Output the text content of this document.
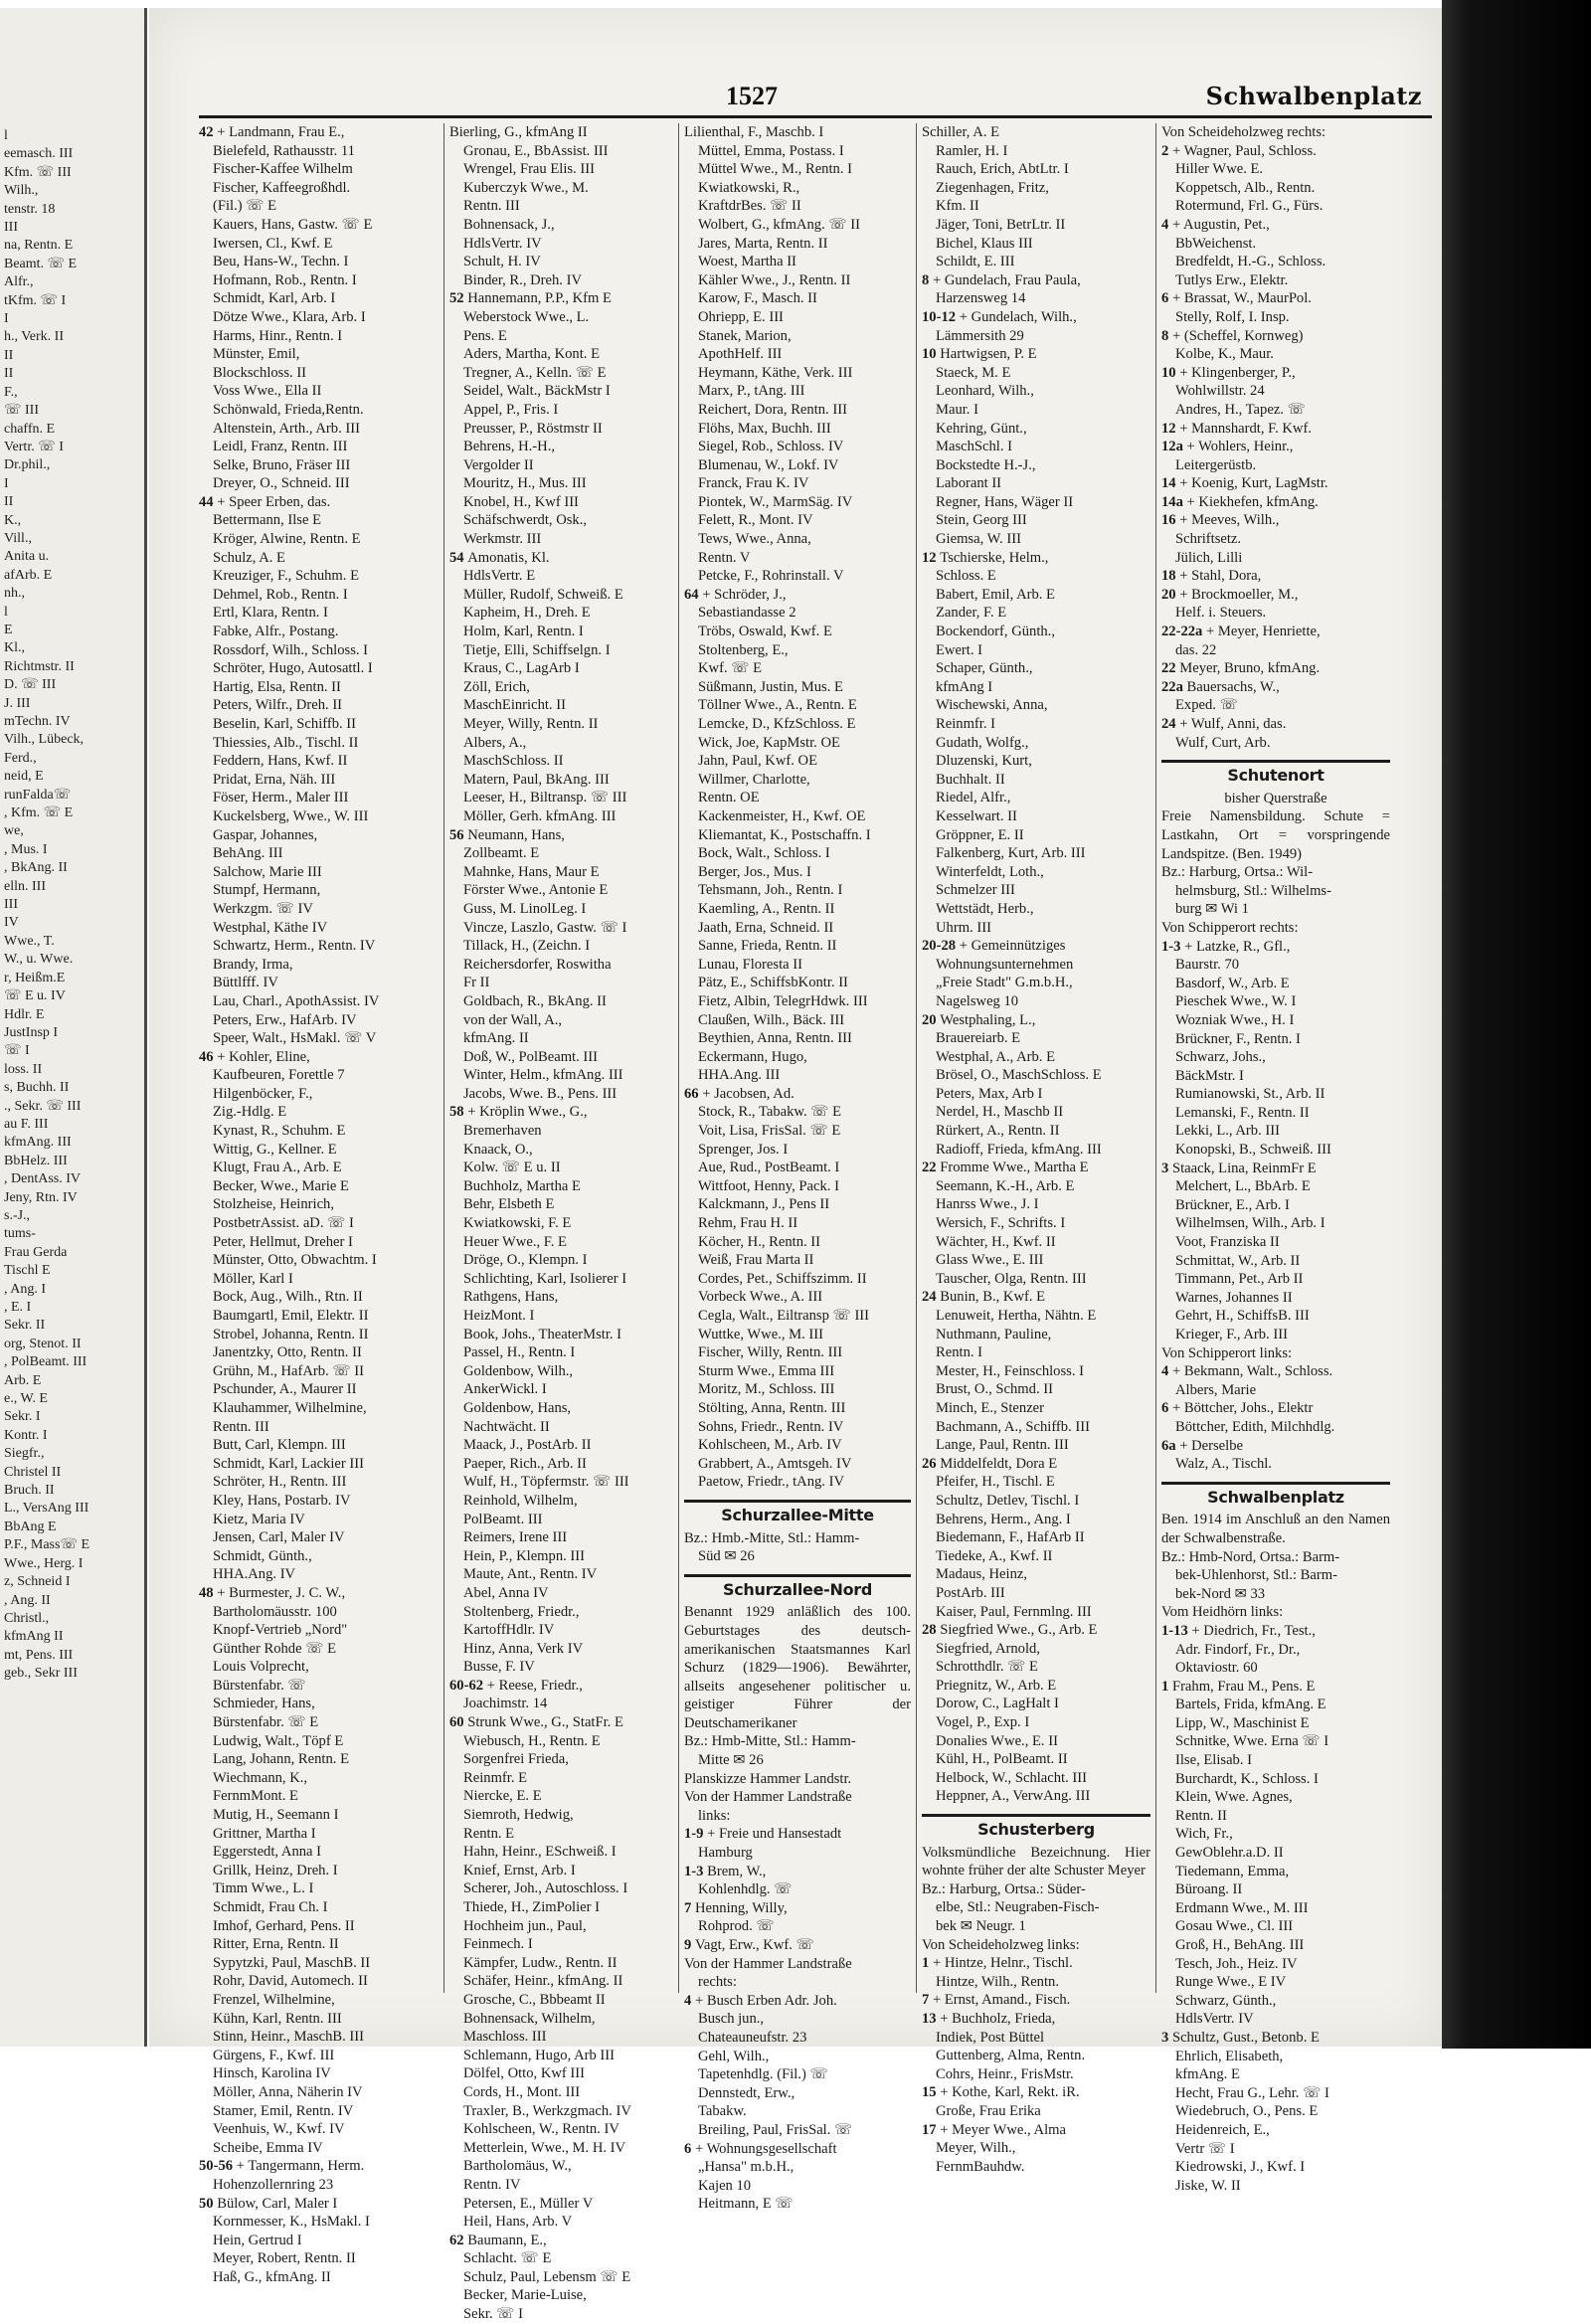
l
eemasch. III
Kfm. ☏ III
Wilh.,
tenstr. 18
III
na, Rentn. E
Beamt. ☏ E
Alfr.,
tKfm. ☏ I
I
h., Verk. II
II
II
F.,
☏ III
chaffn. E
Vertr. ☏ I
Dr.phil.,
I
II
K.,
Vill.,
Anita u.
afArb. E
nh.,
l
E
Kl.,
Richtmstr. II
D. ☏ III
J. III
mTechn. IV
Vilh., Lübeck,
Ferd.,
neid, E
runFalda☏
, Kfm. ☏ E
we,
, Mus. I
, BkAng. II
elln. III
III
IV
Wwe., T.
W., u. Wwe.
r, Heißm.E
☏ E u. IV
Hdlr. E
JustInsp I
☏ I
loss. II
s, Buchh. II
., Sekr. ☏ III
au F. III
kfmAng. III
BbHelz. III
, DentAss. IV
Jeny, Rtn. IV
s.-J.,
tums-
Frau Gerda
Tischl E
, Ang. I
, E. I
Sekr. II
org, Stenot. II
, PolBeamt. III
Arb. E
e., W. E
Sekr. I
Kontr. I
Siegfr.,
Christel II
Bruch. II
L., VersAng III
BbAng E
P.F., Mass☏ E
Wwe., Herg. I
z, Schneid I
, Ang. II
Christl.,
kfmAng II
mt, Pens. III
geb., Sekr III
1527	Schwalbenplatz
42 + Landmann, Frau E.,
Bielefeld, Rathausstr. 11
Fischer-Kaffee Wilhelm
Fischer, Kaffeegroßhdl.
(Fil.) ☏ E
Kauers, Hans, Gastw. ☏ E
Iwersen, Cl., Kwf. E
Beu, Hans-W., Techn. I
Hofmann, Rob., Rentn. I
Schmidt, Karl, Arb. I
Dötze Wwe., Klara, Arb. I
Harms, Hinr., Rentn. I
Münster, Emil,
Blockschloss. II
Voss Wwe., Ella II
Schönwald, Frieda,Rentn.
Altenstein, Arth., Arb. III
Leidl, Franz, Rentn. III
Selke, Bruno, Fräser III
Dreyer, O., Schneid. III
44 + Speer Erben, das.
Bettermann, Ilse E
Kröger, Alwine, Rentn. E
Schulz, A. E
Kreuziger, F., Schuhm. E
Dehmel, Rob., Rentn. I
Ertl, Klara, Rentn. I
Fabke, Alfr., Postang.
Rossdorf, Wilh., Schloss. I
Schröter, Hugo, Autosattl. I
Hartig, Elsa, Rentn. II
Peters, Wilfr., Dreh. II
Beselin, Karl, Schiffb. II
Thiessies, Alb., Tischl. II
Feddern, Hans, Kwf. II
Pridat, Erna, Näh. III
Föser, Herm., Maler III
Kuckelsberg, Wwe., W. III
Gaspar, Johannes,
BehAng. III
Salchow, Marie III
Stumpf, Hermann,
Werkzgm. ☏ IV
Westphal, Käthe IV
Schwartz, Herm., Rentn. IV
Brandy, Irma,
Büttlfff. IV
Lau, Charl., ApothAssist. IV
Peters, Erw., HafArb. IV
Speer, Walt., HsMakl. ☏ V
46 + Kohler, Eline,
Kaufbeuren, Forettle 7
Hilgenböcker, F.,
Zig.-Hdlg. E
Kynast, R., Schuhm. E
Wittig, G., Kellner. E
Klugt, Frau A., Arb. E
Becker, Wwe., Marie E
Stolzheise, Heinrich,
PostbetrAssist. aD. ☏ I
Peter, Hellmut, Dreher I
Münster, Otto, Obwachtm. I
Möller, Karl I
Bock, Aug., Wilh., Rtn. II
Baumgartl, Emil, Elektr. II
Strobel, Johanna, Rentn. II
Janentzky, Otto, Rentn. II
Grühn, M., HafArb. ☏ II
Pschunder, A., Maurer II
Klauhammer, Wilhelmine,
Rentn. III
Butt, Carl, Klempn. III
Schmidt, Karl, Lackier III
Schröter, H., Rentn. III
Kley, Hans, Postarb. IV
Kietz, Maria IV
Jensen, Carl, Maler IV
Schmidt, Günth.,
HHA.Ang. IV
48 + Burmester, J. C. W.,
Bartholomäusstr. 100
Knopf-Vertrieb „Nord"
Günther Rohde ☏ E
Louis Volprecht,
Bürstenfabr. ☏
Schmieder, Hans,
Bürstenfabr. ☏ E
Ludwig, Walt., Töpf E
Lang, Johann, Rentn. E
Wiechmann, K.,
FernmMont. E
Mutig, H., Seemann I
Grittner, Martha I
Eggerstedt, Anna I
Grillk, Heinz, Dreh. I
Timm Wwe., L. I
Schmidt, Frau Ch. I
Imhof, Gerhard, Pens. II
Ritter, Erna, Rentn. II
Sypytzki, Paul, MaschB. II
Rohr, David, Automech. II
Frenzel, Wilhelmine,
Kühn, Karl, Rentn. III
Stinn, Heinr., MaschB. III
Gürgens, F., Kwf. III
Hinsch, Karolina IV
Möller, Anna, Näherin IV
Stamer, Emil, Rentn. IV
Veenhuis, W., Kwf. IV
Scheibe, Emma IV
50-56 + Tangermann, Herm.
Hohenzollernring 23
50 Bülow, Carl, Maler I
Kornmesser, K., HsMakl. I
Hein, Gertrud I
Meyer, Robert, Rentn. II
Haß, G., kfmAng. II
Bierling, G., kfmAng II
Gronau, E., BbAssist. III
Wrengel, Frau Elis. III
Kuberczyk Wwe., M.
Rentn. III
Bohnensack, J.,
HdlsVertr. IV
Schult, H. IV
Binder, R., Dreh. IV
52 Hannemann, P.P., Kfm E
Weberstock Wwe., L.
Pens. E
Aders, Martha, Kont. E
Tregner, A., Kelln. ☏ E
Seidel, Walt., BäckMstr I
Appel, P., Fris. I
Preusser, P., Röstmstr II
Behrens, H.-H.,
Vergolder II
Mouritz, H., Mus. III
Knobel, H., Kwf III
Schäfschwerdt, Osk.,
Werkmstr. III
54 Amonatis, Kl.
HdlsVertr. E
Müller, Rudolf, Schweiß. E
Kapheim, H., Dreh. E
Holm, Karl, Rentn. I
Tietje, Elli, Schiffselgn. I
Kraus, C., LagArb I
Zöll, Erich,
MaschEinricht. II
Meyer, Willy, Rentn. II
Albers, A.,
MaschSchloss. II
Matern, Paul, BkAng. III
Leeser, H., Biltransp. ☏ III
Möller, Gerh. kfmAng. III
56 Neumann, Hans,
Zollbeamt. E
Mahnke, Hans, Maur E
Förster Wwe., Antonie E
Guss, M. LinolLeg. I
Vincze, Laszlo, Gastw. ☏ I
Tillack, H., (Zeichn. I
Reichersdorfer, Roswitha
Fr II
Goldbach, R., BkAng. II
von der Wall, A.,
kfmAng. II
Doß, W., PolBeamt. III
Winter, Helm., kfmAng. III
Jacobs, Wwe. B., Pens. III
58 + Kröplin Wwe., G.,
Bremerhaven
Knaack, O.,
Kolw. ☏ E u. II
Buchholz, Martha E
Behr, Elsbeth E
Kwiatkowski, F. E
Heuer Wwe., F. E
Dröge, O., Klempn. I
Schlichting, Karl, Isolierer I
Rathgens, Hans,
HeizMont. I
Book, Johs., TheaterMstr. I
Passel, H., Rentn. I
Goldenbow, Wilh.,
AnkerWickl. I
Goldenbow, Hans,
Nachtwächt. II
Maack, J., PostArb. II
Paeper, Rich., Arb. II
Wulf, H., Töpfermstr. ☏ III
Reinhold, Wilhelm,
PolBeamt. III
Reimers, Irene III
Hein, P., Klempn. III
Maute, Ant., Rentn. IV
Abel, Anna IV
Stoltenberg, Friedr.,
KartoffHdlr. IV
Hinz, Anna, Verk IV
Busse, F. IV
60-62 + Reese, Friedr.,
Joachimstr. 14
60 Strunk Wwe., G., StatFr. E
Wiebusch, H., Rentn. E
Sorgenfrei Frieda,
Reinmfr. E
Niercke, E. E
Siemroth, Hedwig,
Rentn. E
Hahn, Heinr., ESchweiß. I
Knief, Ernst, Arb. I
Scherer, Joh., Autoschloss. I
Thiede, H., ZimPolier I
Hochheim jun., Paul,
Feinmech. I
Kämpfer, Ludw., Rentn. II
Schäfer, Heinr., kfmAng. II
Grosche, C., Bbbeamt II
Bohnensack, Wilhelm,
Maschloss. III
Schlemann, Hugo, Arb III
Dölfel, Otto, Kwf III
Cords, H., Mont. III
Traxler, B., Werkzgmach. IV
Kohlscheen, W., Rentn. IV
Metterlein, Wwe., M. H. IV
Bartholomäus, W.,
Rentn. IV
Petersen, E., Müller V
Heil, Hans, Arb. V
62 Baumann, E.,
Schlacht. ☏ E
Schulz, Paul, Lebensm ☏ E
Becker, Marie-Luise,
Sekr. ☏ I
Lilienthal, F., Maschb. I
Müttel, Emma, Postass. I
Müttel Wwe., M., Rentn. I
Kwiatkowski, R.,
KraftdrBes. ☏ II
Wolbert, G., kfmAng. ☏ II
Jares, Marta, Rentn. II
Woest, Martha II
Kähler Wwe., J., Rentn. II
Karow, F., Masch. II
Ohriepp, E. III
Stanek, Marion,
ApothHelf. III
Heymann, Käthe, Verk. III
Marx, P., tAng. III
Reichert, Dora, Rentn. III
Flöhs, Max, Buchh. III
Siegel, Rob., Schloss. IV
Blumenau, W., Lokf. IV
Franck, Frau K. IV
Piontek, W., MarmSäg. IV
Felett, R., Mont. IV
Tews, Wwe., Anna,
Rentn. V
Petcke, F., Rohrinstall. V
64 + Schröder, J.,
Sebastiandasse 2
Tröbs, Oswald, Kwf. E
Stoltenberg, E.,
Kwf. ☏ E
Süßmann, Justin, Mus. E
Töllner Wwe., A., Rentn. E
Lemcke, D., KfzSchloss. E
Wick, Joe, KapMstr. OE
Jahn, Paul, Kwf. OE
Willmer, Charlotte,
Rentn. OE
Kackenmeister, H., Kwf. OE
Kliemantat, K., Postschaffn. I
Bock, Walt., Schloss. I
Berger, Jos., Mus. I
Tehsmann, Joh., Rentn. I
Kaemling, A., Rentn. II
Jaath, Erna, Schneid. II
Sanne, Frieda, Rentn. II
Lunau, Floresta II
Pätz, E., SchiffsbKontr. II
Fietz, Albin, TelegrHdwk. III
Claußen, Wilh., Bäck. III
Beythien, Anna, Rentn. III
Eckermann, Hugo,
HHA.Ang. III
66 + Jacobsen, Ad.
Stock, R., Tabakw. ☏ E
Voit, Lisa, FrisSal. ☏ E
Sprenger, Jos. I
Aue, Rud., PostBeamt. I
Wittfoot, Henny, Pack. I
Kalckmann, J., Pens II
Rehm, Frau H. II
Köcher, H., Rentn. II
Weiß, Frau Marta II
Cordes, Pet., Schiffszimm. II
Vorbeck Wwe., A. III
Cegla, Walt., Eiltransp ☏ III
Wuttke, Wwe., M. III
Fischer, Willy, Rentn. III
Sturm Wwe., Emma III
Moritz, M., Schloss. III
Stölting, Anna, Rentn. III
Sohns, Friedr., Rentn. IV
Kohlscheen, M., Arb. IV
Grabbert, A., Amtsgeh. IV
Paetow, Friedr., tAng. IV
Schurzallee-Mitte
Bz.: Hmb.-Mitte, Stl.: Hamm-
Süd ✉ 26
Schurzallee-Nord
Benannt 1929 anläßlich des 100. Geburtstages des deutsch-amerikanischen Staatsmannes Karl Schurz (1829—1906). Bewährter, allseits angesehener politischer u. geistiger Führer der Deutschamerikaner
Bz.: Hmb-Mitte, Stl.: Hamm-
Mitte ✉ 26
Planskizze Hammer Landstr.
Von der Hammer Landstraße
links:
1-9 + Freie und Hansestadt
Hamburg
1-3 Brem, W.,
Kohlenhdlg. ☏
7 Henning, Willy,
Rohprod. ☏
9 Vagt, Erw., Kwf. ☏
Von der Hammer Landstraße
rechts:
4 + Busch Erben Adr. Joh.
Busch jun.,
Chateauneufstr. 23
Gehl, Wilh.,
Tapetenhdlg. (Fil.) ☏
Dennstedt, Erw.,
Tabakw.
Breiling, Paul, FrisSal. ☏
6 + Wohnungsgesellschaft
„Hansa" m.b.H.,
Kajen 10
Heitmann, E ☏
Schiller, A. E
Ramler, H. I
Rauch, Erich, AbtLtr. I
Ziegenhagen, Fritz,
Kfm. II
Jäger, Toni, BetrLtr. II
Bichel, Klaus III
Schildt, E. III
8 + Gundelach, Frau Paula,
Harzensweg 14
10-12 + Gundelach, Wilh.,
Lämmersith 29
10 Hartwigsen, P. E
Staeck, M. E
Leonhard, Wilh.,
Maur. I
Kehring, Günt.,
MaschSchl. I
Bockstedte H.-J.,
Laborant II
Regner, Hans, Wäger II
Stein, Georg III
Giemsa, W. III
12 Tschierske, Helm.,
Schloss. E
Babert, Emil, Arb. E
Zander, F. E
Bockendorf, Günth.,
Ewert. I
Schaper, Günth.,
kfmAng I
Wischewski, Anna,
Reinmfr. I
Gudath, Wolfg.,
Dluzenski, Kurt,
Buchhalt. II
Riedel, Alfr.,
Kesselwart. II
Gröppner, E. II
Falkenberg, Kurt, Arb. III
Winterfeldt, Loth.,
Schmelzer III
Wettstädt, Herb.,
Uhrm. III
20-28 + Gemeinnütziges
Wohnungsunternehmen
„Freie Stadt" G.m.b.H.,
Nagelsweg 10
20 Westphaling, L.,
Brauereiarb. E
Westphal, A., Arb. E
Brösel, O., MaschSchloss. E
Peters, Max, Arb I
Nerdel, H., Maschb II
Rürkert, A., Rentn. II
Radioff, Frieda, kfmAng. III
22 Fromme Wwe., Martha E
Seemann, K.-H., Arb. E
Hanrss Wwe., J. I
Wersich, F., Schrifts. I
Wächter, H., Kwf. II
Glass Wwe., E. III
Tauscher, Olga, Rentn. III
24 Bunin, B., Kwf. E
Lenuweit, Hertha, Nähtn. E
Nuthmann, Pauline,
Rentn. I
Mester, H., Feinschloss. I
Brust, O., Schmd. II
Minch, E., Stenzer
Bachmann, A., Schiffb. III
Lange, Paul, Rentn. III
26 Middelfeldt, Dora E
Pfeifer, H., Tischl. E
Schultz, Detlev, Tischl. I
Behrens, Herm., Ang. I
Biedemann, F., HafArb II
Tiedeke, A., Kwf. II
Madaus, Heinz,
PostArb. III
Kaiser, Paul, Fernmlng. III
28 Siegfried Wwe., G., Arb. E
Siegfried, Arnold,
Schrotthdlr. ☏ E
Priegnitz, W., Arb. E
Dorow, C., LagHalt I
Vogel, P., Exp. I
Donalies Wwe., E. II
Kühl, H., PolBeamt. II
Helbock, W., Schlacht. III
Heppner, A., VerwAng. III
Schusterberg
Volksmündliche Bezeichnung. Hier wohnte früher der alte Schuster Meyer
Bz.: Harburg, Ortsa.: Süder-
elbe, Stl.: Neugraben-Fisch-
bek ✉ Neugr. 1
Von Scheideholzweg links:
1 + Hintze, Helnr., Tischl.
Hintze, Wilh., Rentn.
7 + Ernst, Amand., Fisch.
13 + Buchholz, Frieda,
Indiek, Post Büttel
Guttenberg, Alma, Rentn.
Cohrs, Heinr., FrisMstr.
15 + Kothe, Karl, Rekt. iR.
Große, Frau Erika
17 + Meyer Wwe., Alma
Meyer, Wilh.,
FernmBauhdw.
Von Scheideholzweg rechts:
2 + Wagner, Paul, Schloss.
Hiller Wwe. E.
Koppetsch, Alb., Rentn.
Rotermund, Frl. G., Fürs.
4 + Augustin, Pet.,
BbWeichenst.
Bredfeldt, H.-G., Schloss.
Tutlys Erw., Elektr.
6 + Brassat, W., MaurPol.
Stelly, Rolf, I. Insp.
8 + (Scheffel, Kornweg)
Kolbe, K., Maur.
10 + Klingenberger, P.,
Wohlwillstr. 24
Andres, H., Tapez. ☏
12 + Mannshardt, F. Kwf.
12a + Wohlers, Heinr.,
Leitergerüstb.
14 + Koenig, Kurt, LagMstr.
14a + Kiekhefen, kfmAng.
16 + Meeves, Wilh.,
Schriftsetz.
Jülich, Lilli
18 + Stahl, Dora,
20 + Brockmoeller, M.,
Helf. i. Steuers.
22-22a + Meyer, Henriette,
das. 22
22 Meyer, Bruno, kfmAng.
22a Bauersachs, W.,
Exped. ☏
24 + Wulf, Anni, das.
Wulf, Curt, Arb.
Schutenort
bisher Querstraße
Freie Namensbildung. Schute = Lastkahn, Ort = vorspringende Landspitze. (Ben. 1949)
Bz.: Harburg, Ortsa.: Wil-
helmsburg, Stl.: Wilhelms-
burg ✉ Wi 1
Von Schipperort rechts:
1-3 + Latzke, R., Gfl.,
Baurstr. 70
Basdorf, W., Arb. E
Pieschek Wwe., W. I
Wozniak Wwe., H. I
Brückner, F., Rentn. I
Schwarz, Johs.,
BäckMstr. I
Rumianowski, St., Arb. II
Lemanski, F., Rentn. II
Lekki, L., Arb. III
Konopski, B., Schweiß. III
3 Staack, Lina, ReinmFr E
Melchert, L., BbArb. E
Brückner, E., Arb. I
Wilhelmsen, Wilh., Arb. I
Voot, Franziska II
Schmittat, W., Arb. II
Timmann, Pet., Arb II
Warnes, Johannes II
Gehrt, H., SchiffsB. III
Krieger, F., Arb. III
Von Schipperort links:
4 + Bekmann, Walt., Schloss.
Albers, Marie
6 + Böttcher, Johs., Elektr
Böttcher, Edith, Milchhdlg.
6a + Derselbe
Walz, A., Tischl.
Schwalbenplatz
Ben. 1914 im Anschluß an den Namen der Schwalbenstraße.
Bz.: Hmb-Nord, Ortsa.: Barm-
bek-Uhlenhorst, Stl.: Barm-
bek-Nord ✉ 33
Vom Heidhörn links:
1-13 + Diedrich, Fr., Test.,
Adr. Findorf, Fr., Dr.,
Oktaviostr. 60
1 Frahm, Frau M., Pens. E
Bartels, Frida, kfmAng. E
Lipp, W., Maschinist E
Schnitke, Wwe. Erna ☏ I
Ilse, Elisab. I
Burchardt, K., Schloss. I
Klein, Wwe. Agnes,
Rentn. II
Wich, Fr.,
GewOblehr.a.D. II
Tiedemann, Emma,
Büroang. II
Erdmann Wwe., M. III
Gosau Wwe., Cl. III
Groß, H., BehAng. III
Tesch, Joh., Heiz. IV
Runge Wwe., E IV
Schwarz, Günth.,
HdlsVertr. IV
3 Schultz, Gust., Betonb. E
Ehrlich, Elisabeth,
kfmAng. E
Hecht, Frau G., Lehr. ☏ I
Wiedebruch, O., Pens. E
Heidenreich, E.,
Vertr ☏ I
Kiedrowski, J., Kwf. I
Jiske, W. II
